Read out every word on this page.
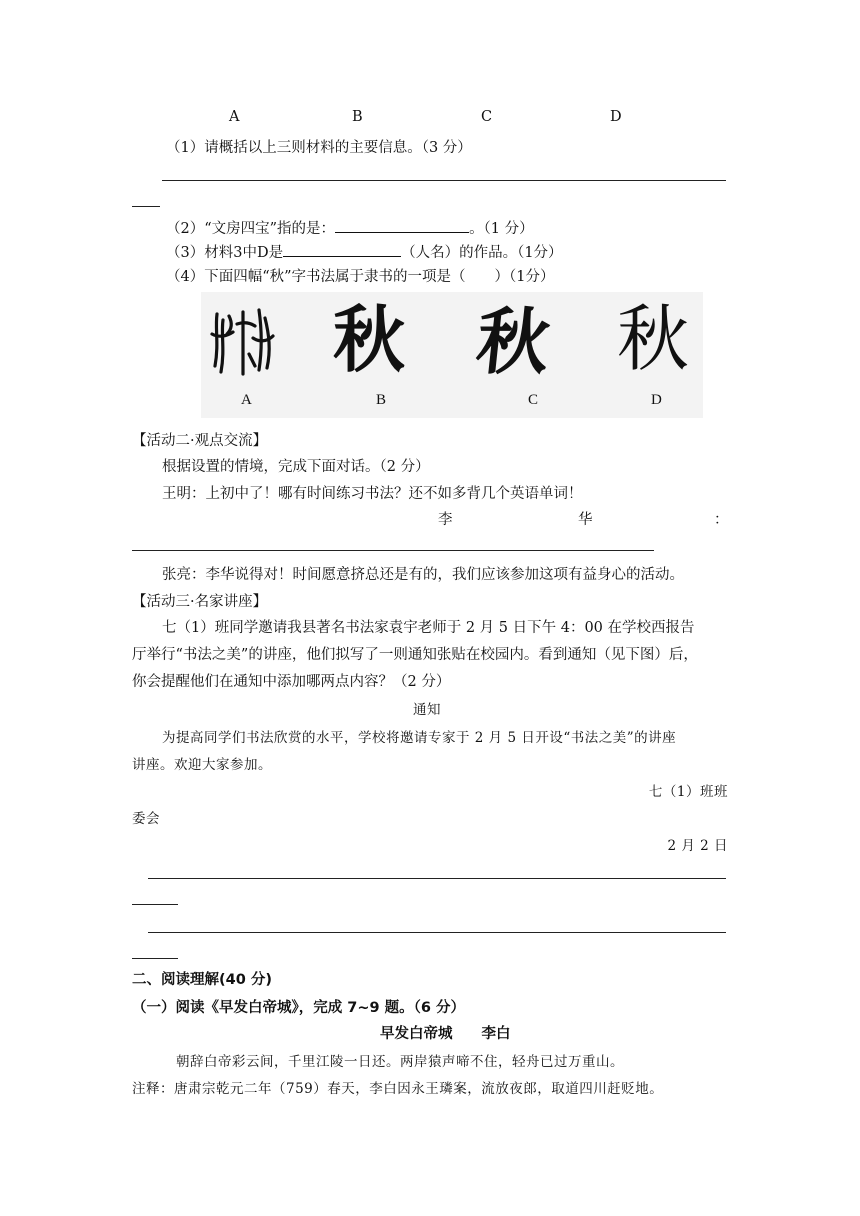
A	B	C	D
（1）请概括以上三则材料的主要信息。（3 分）
（2）“文房四宝”指的是：	。（1 分）
（3）材料3中D是	（人名）的作品。（1分）
（4）下面四幅“秋”字书法属于隶书的一项是（　　）（1分）
秋 秋 秋
A	B	C	D
【活动二·观点交流】
根据设置的情境，完成下面对话。（2 分）
王明：上初中了！哪有时间练习书法？还不如多背几个英语单词！
李	华	：
张亮：李华说得对！时间愿意挤总还是有的，我们应该参加这项有益身心的活动。
【活动三·名家讲座】
七（1）班同学邀请我县著名书法家袁宇老师于 2 月 5 日下午 4：00 在学校西报告
厅举行“书法之美”的讲座，他们拟写了一则通知张贴在校园内。看到通知（见下图）后，
你会提醒他们在通知中添加哪两点内容？（2 分）
通知
为提高同学们书法欣赏的水平，学校将邀请专家于 2 月 5 日开设“书法之美”的讲座
讲座。欢迎大家参加。
七（1）班班
委会
2 月 2 日
二、阅读理解(40 分)
（一）阅读《早发白帝城》，完成 7~9 题。（6 分）
早发白帝城　　李白
朝辞白帝彩云间，千里江陵一日还。两岸猿声啼不住，轻舟已过万重山。
注释：唐肃宗乾元二年（759）春天，李白因永王璘案，流放夜郎，取道四川赶贬地。
